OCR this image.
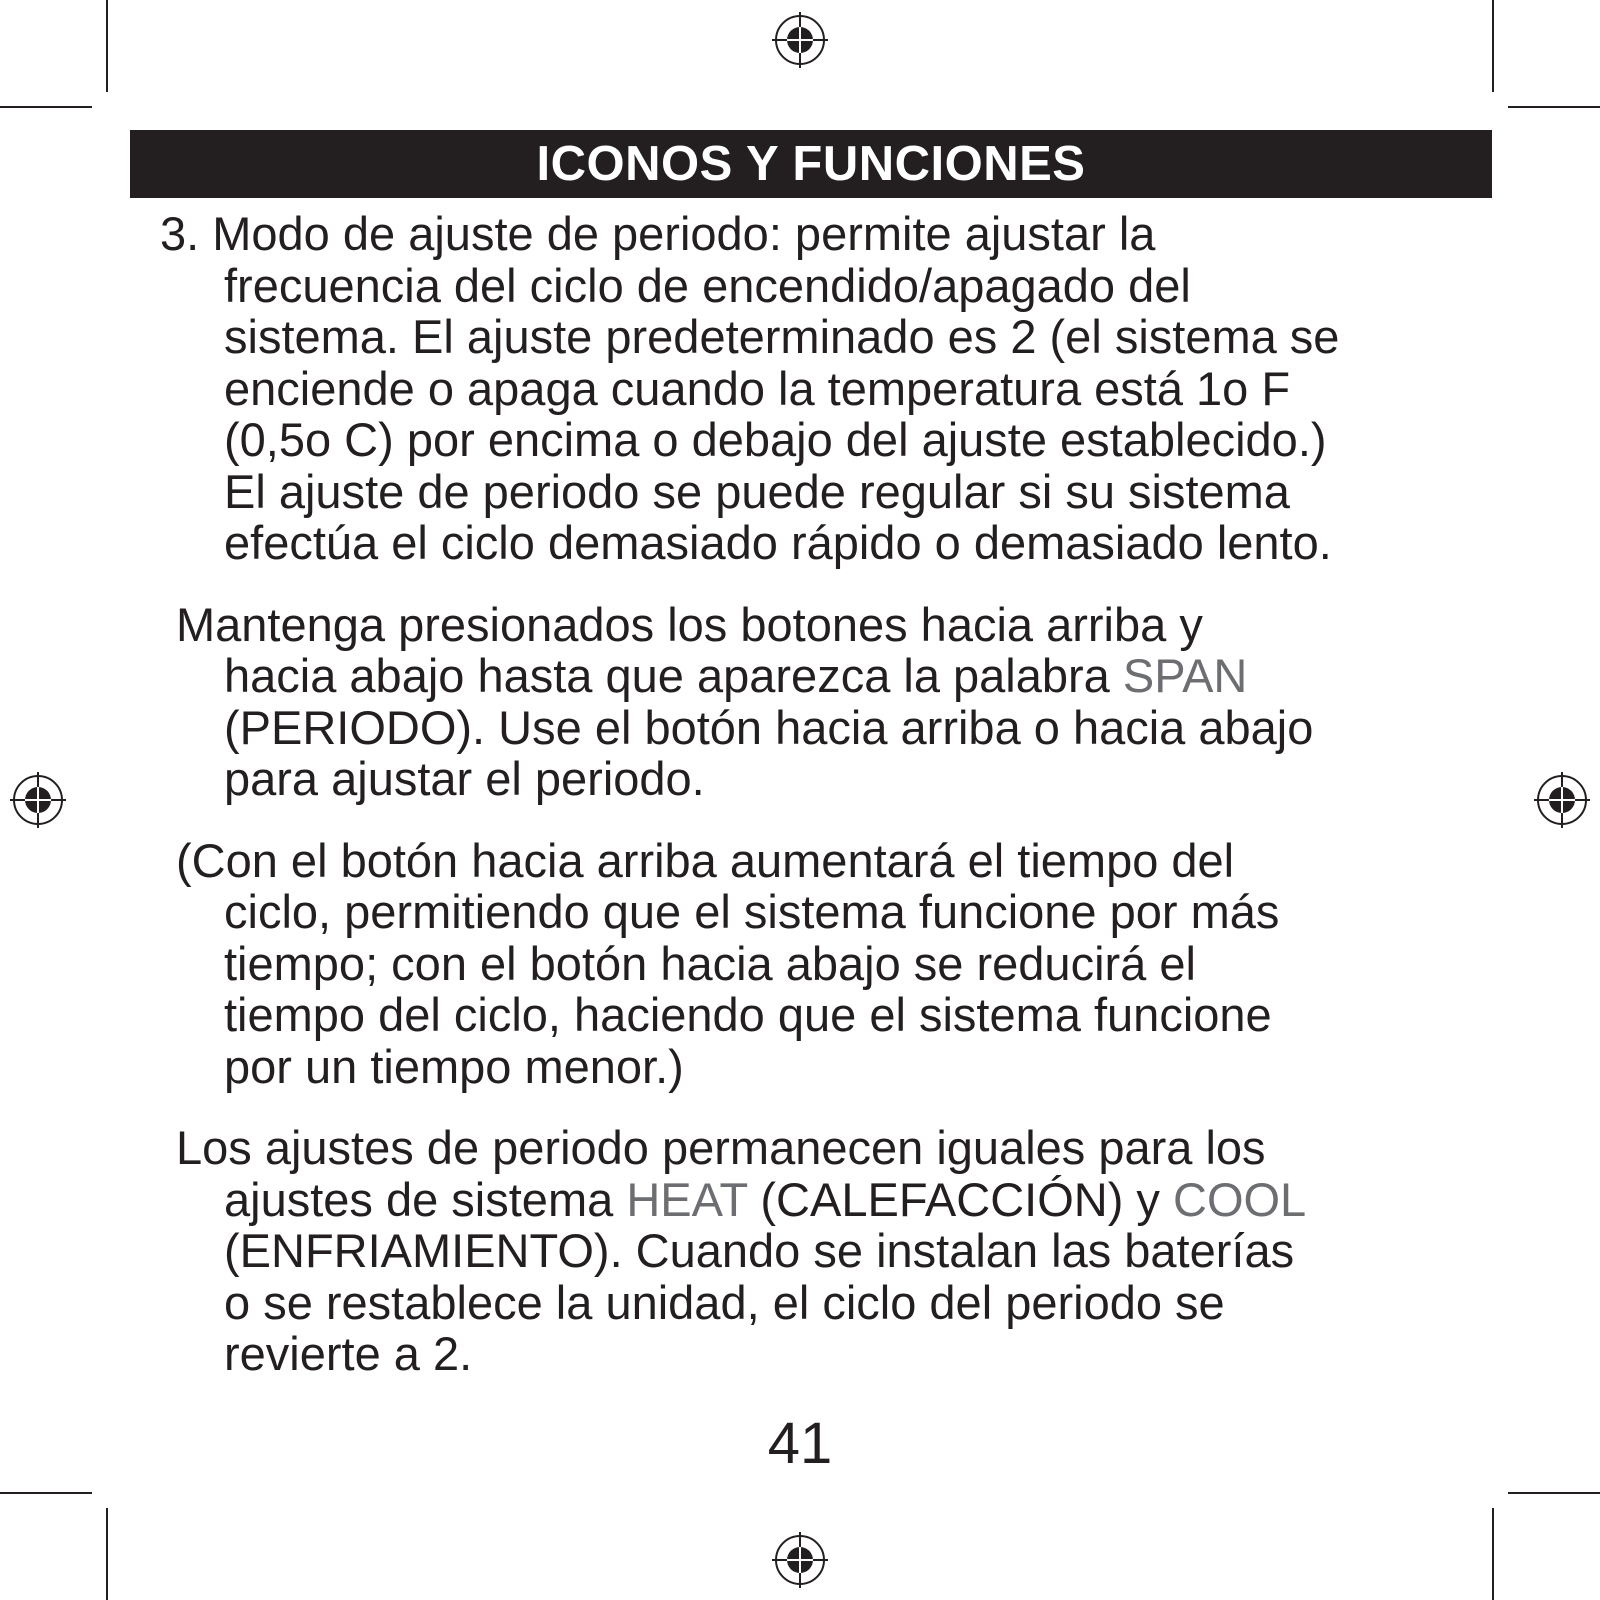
ICONOS Y FUNCIONES

3. Modo de ajuste de periodo: permite ajustar la
frecuencia del ciclo de encendido/apagado del
sistema. El ajuste predeterminado es 2 (el sistema se
enciende o apaga cuando la temperatura está 1o F
(0,5o C) por encima o debajo del ajuste establecido.)
El ajuste de periodo se puede regular si su sistema
efectúa el ciclo demasiado rápido o demasiado lento.

Mantenga presionados los botones hacia arriba y
hacia abajo hasta que aparezca la palabra SPAN
(PERIODO). Use el botón hacia arriba o hacia abajo
para ajustar el periodo.

(Con el botón hacia arriba aumentará el tiempo del
ciclo, permitiendo que el sistema funcione por más
tiempo; con el botón hacia abajo se reducirá el
tiempo del ciclo, haciendo que el sistema funcione
por un tiempo menor.)

Los ajustes de periodo permanecen iguales para los
ajustes de sistema HEAT (CALEFACCIÓN) y COOL
(ENFRIAMIENTO). Cuando se instalan las baterías
o se restablece la unidad, el ciclo del periodo se
revierte a 2.

41
